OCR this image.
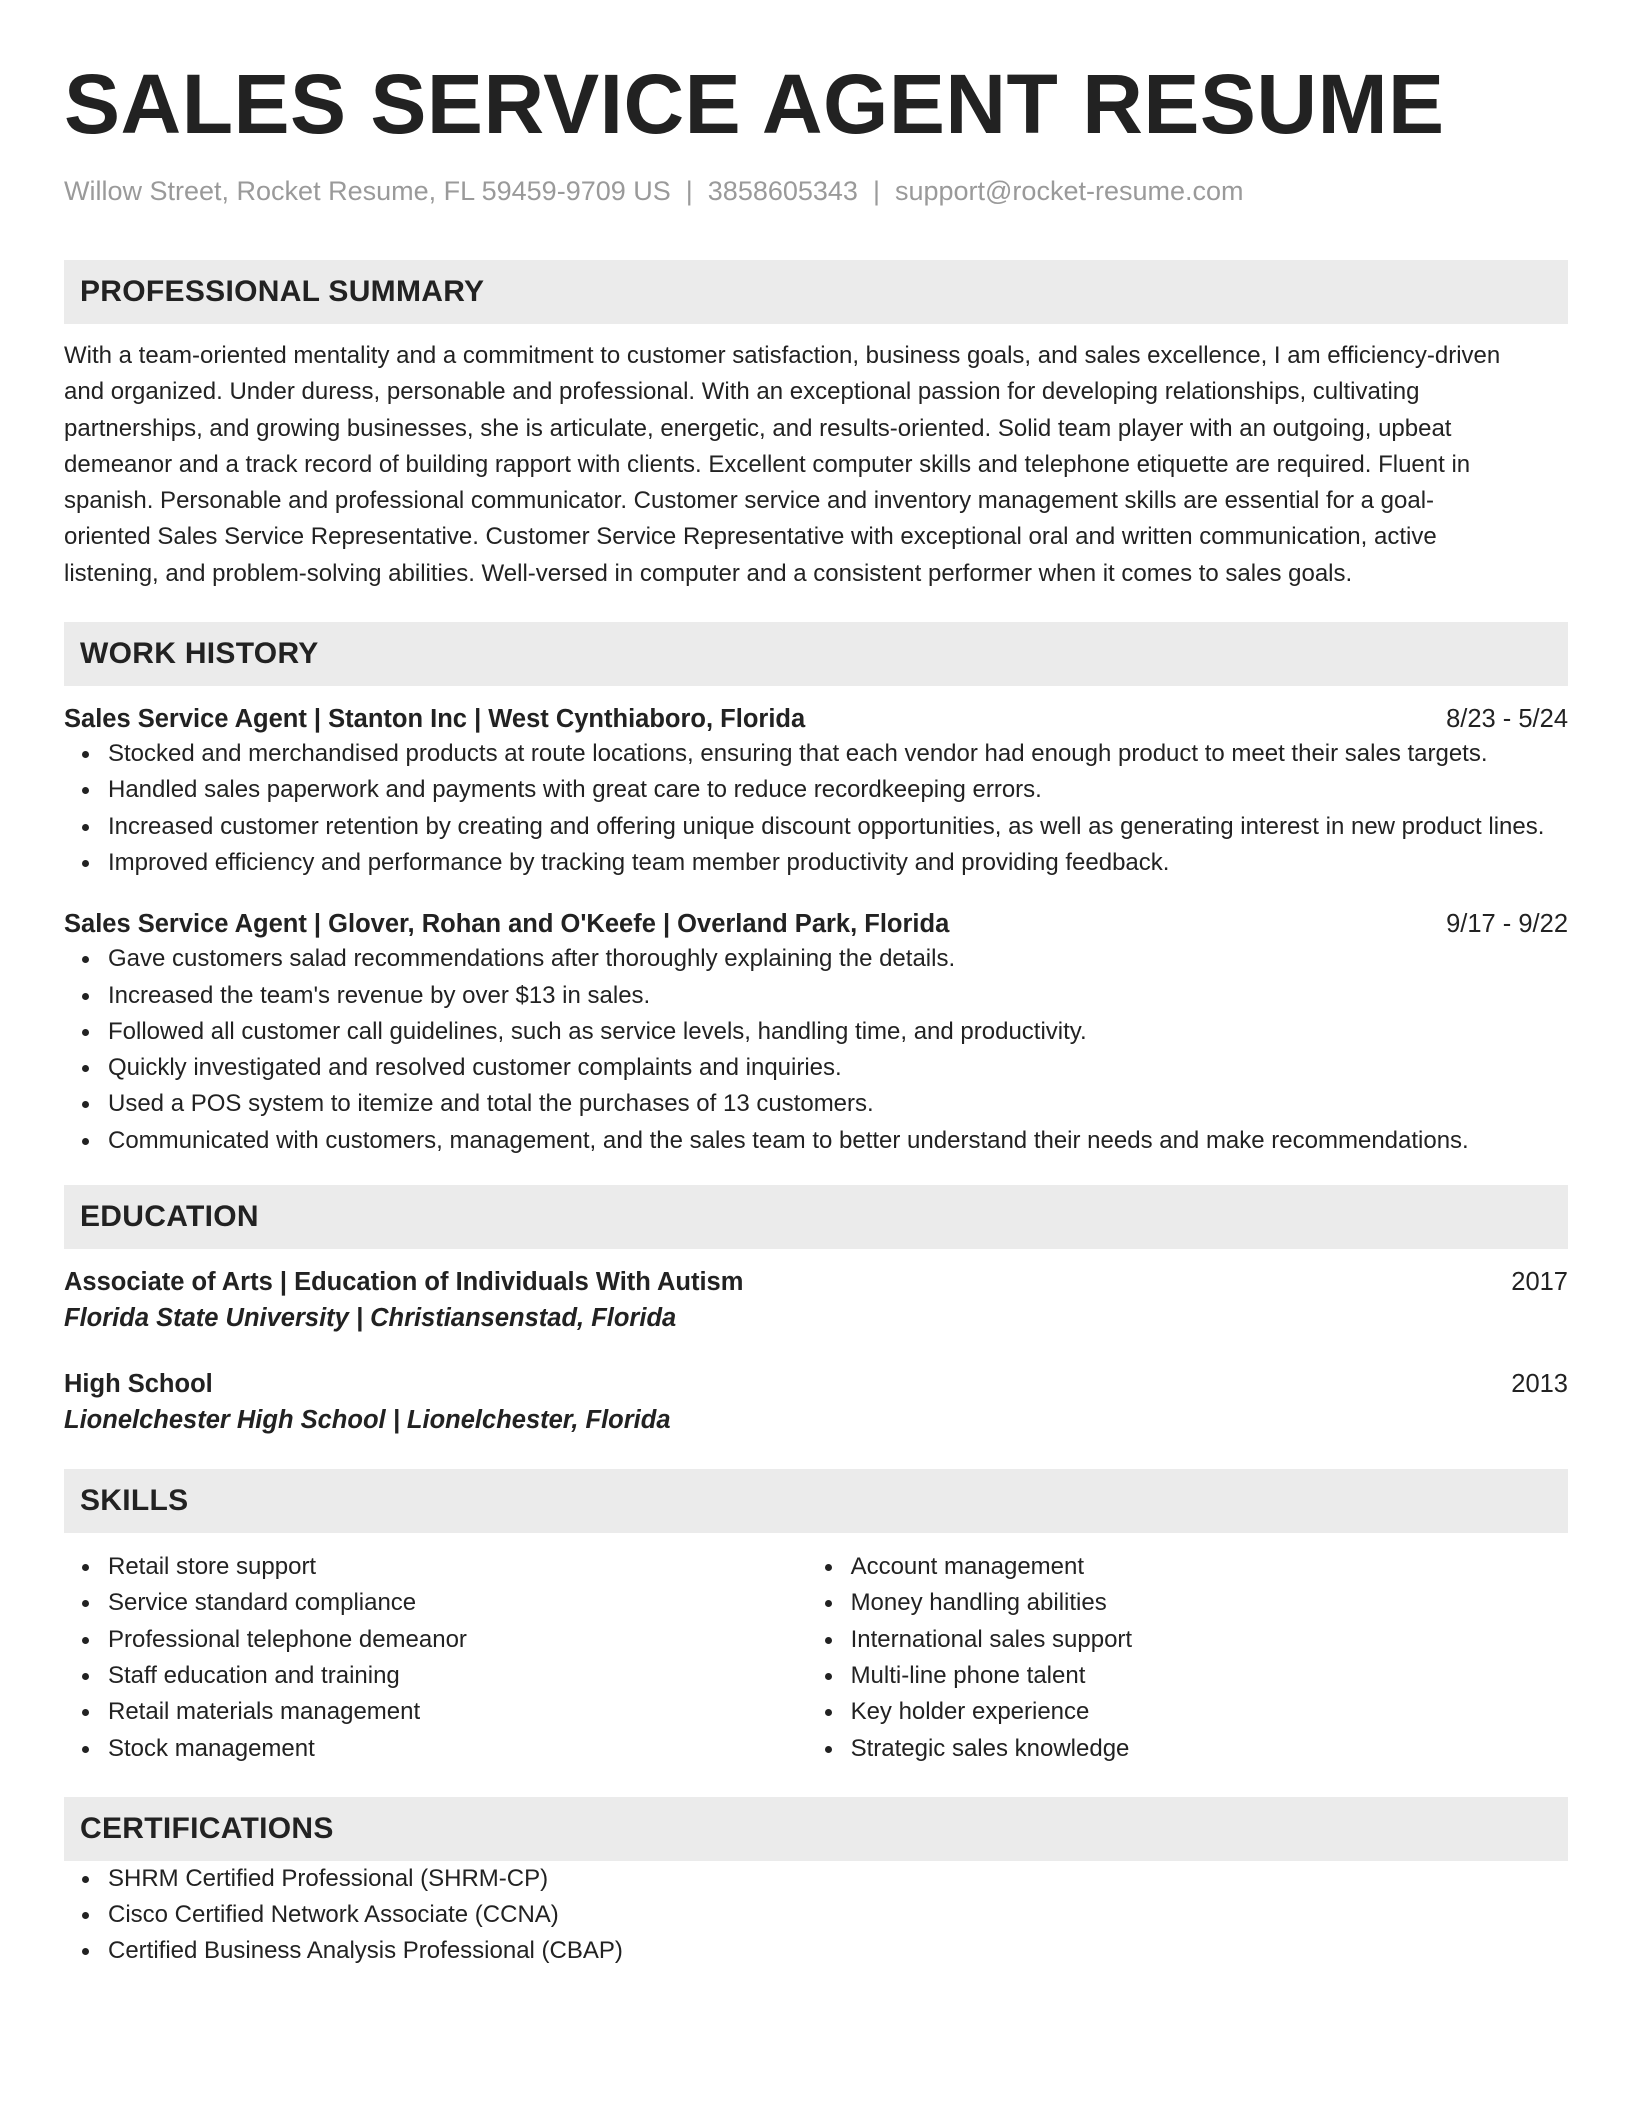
SALES SERVICE AGENT RESUME
Willow Street, Rocket Resume, FL 59459-9709 US | 3858605343 | support@rocket-resume.com
PROFESSIONAL SUMMARY
With a team-oriented mentality and a commitment to customer satisfaction, business goals, and sales excellence, I am efficiency-driven
and organized. Under duress, personable and professional. With an exceptional passion for developing relationships, cultivating
partnerships, and growing businesses, she is articulate, energetic, and results-oriented. Solid team player with an outgoing, upbeat
demeanor and a track record of building rapport with clients. Excellent computer skills and telephone etiquette are required. Fluent in
spanish. Personable and professional communicator. Customer service and inventory management skills are essential for a goal-
oriented Sales Service Representative. Customer Service Representative with exceptional oral and written communication, active
listening, and problem-solving abilities. Well-versed in computer and a consistent performer when it comes to sales goals.
WORK HISTORY
Sales Service Agent | Stanton Inc | West Cynthiaboro, Florida	8/23 - 5/24
Stocked and merchandised products at route locations, ensuring that each vendor had enough product to meet their sales targets.
Handled sales paperwork and payments with great care to reduce recordkeeping errors.
Increased customer retention by creating and offering unique discount opportunities, as well as generating interest in new product lines.
Improved efficiency and performance by tracking team member productivity and providing feedback.
Sales Service Agent | Glover, Rohan and O'Keefe | Overland Park, Florida	9/17 - 9/22
Gave customers salad recommendations after thoroughly explaining the details.
Increased the team's revenue by over $13 in sales.
Followed all customer call guidelines, such as service levels, handling time, and productivity.
Quickly investigated and resolved customer complaints and inquiries.
Used a POS system to itemize and total the purchases of 13 customers.
Communicated with customers, management, and the sales team to better understand their needs and make recommendations.
EDUCATION
Associate of Arts | Education of Individuals With Autism	2017
Florida State University | Christiansenstad, Florida
High School	2013
Lionelchester High School | Lionelchester, Florida
SKILLS
Retail store support
Service standard compliance
Professional telephone demeanor
Staff education and training
Retail materials management
Stock management
Account management
Money handling abilities
International sales support
Multi-line phone talent
Key holder experience
Strategic sales knowledge
CERTIFICATIONS
SHRM Certified Professional (SHRM-CP)
Cisco Certified Network Associate (CCNA)
Certified Business Analysis Professional (CBAP)
